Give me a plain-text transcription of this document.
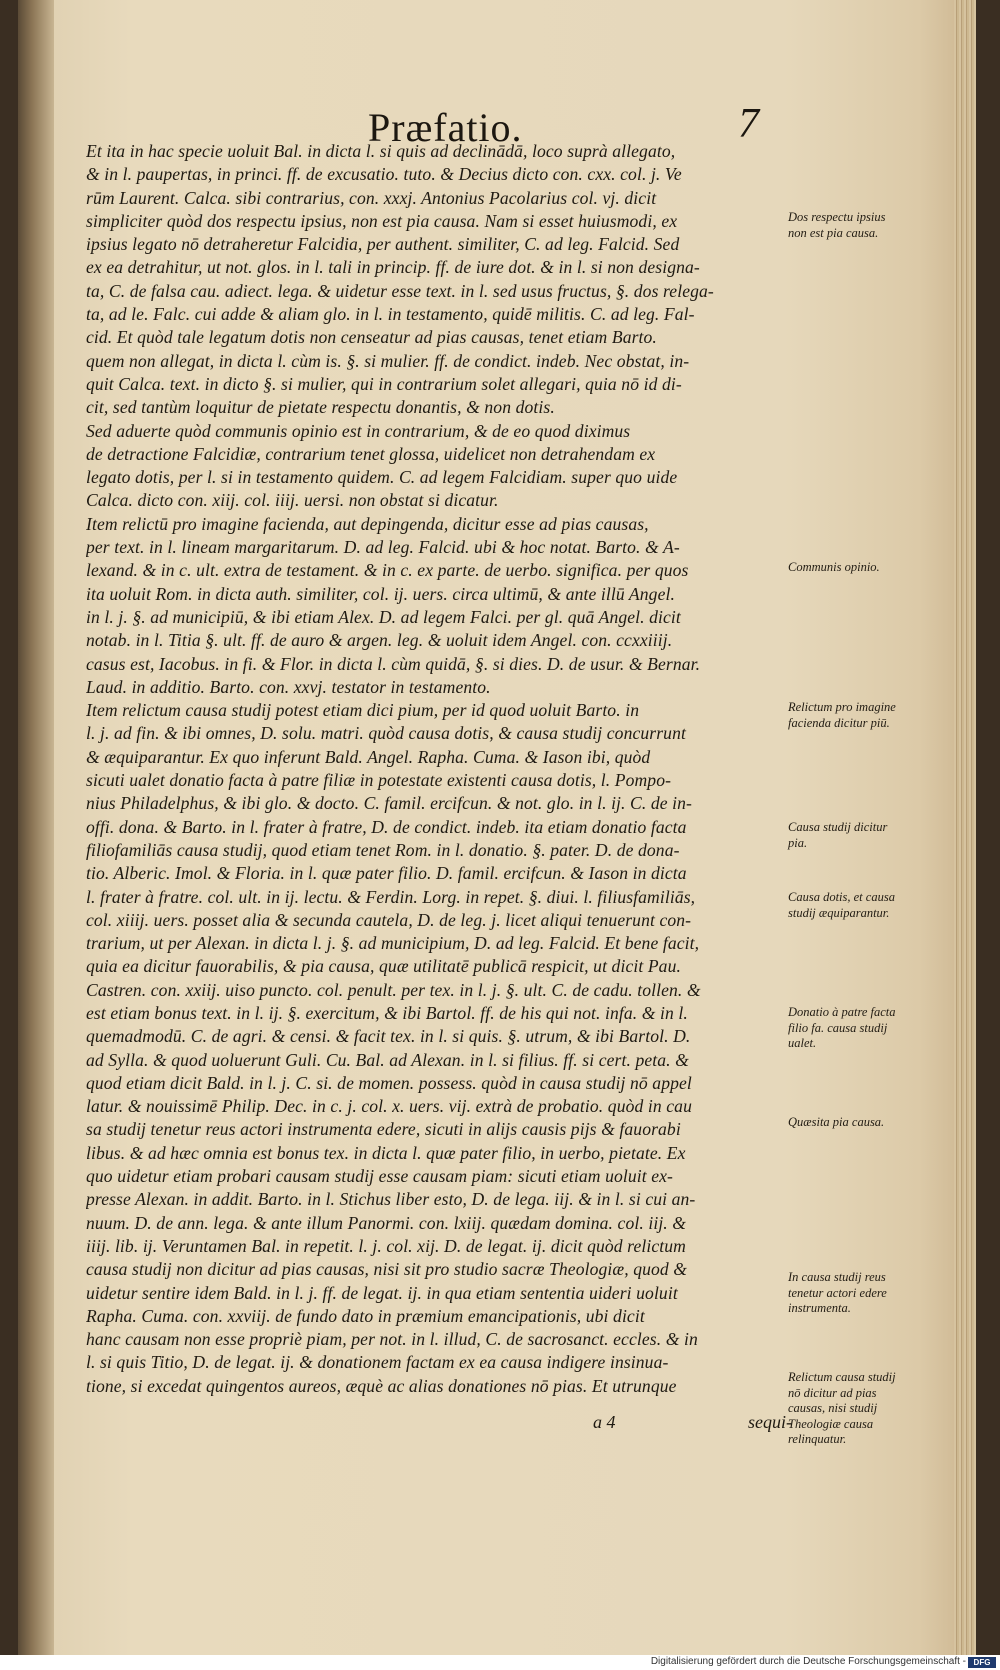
Præfatio.	7
Et ita in hac specie uoluit Bal. in dicta l. si quis ad declinādā, loco suprà allegato,
& in l. paupertas, in princi. ff. de excusatio. tuto. & Decius dicto con. cxx. col. j. Ve
rūm Laurent. Calca. sibi contrarius, con. xxxj. Antonius Pacolarius col. vj. dicit
simpliciter quòd dos respectu ipsius, non est pia causa. Nam si esset huiusmodi, ex
ipsius legato nō detraheretur Falcidia, per authent. similiter, C. ad leg. Falcid. Sed
ex ea detrahitur, ut not. glos. in l. tali in princip. ff. de iure dot. & in l. si non designa-
ta, C. de falsa cau. adiect. lega. & uidetur esse text. in l. sed usus fructus, §. dos relega-
ta, ad le. Falc. cui adde & aliam glo. in l. in testamento, quidē militis. C. ad leg. Fal-
cid. Et quòd tale legatum dotis non censeatur ad pias causas, tenet etiam Barto.
quem non allegat, in dicta l. cùm is. §. si mulier. ff. de condict. indeb. Nec obstat, in-
quit Calca. text. in dicto §. si mulier, qui in contrarium solet allegari, quia nō id di-
cit, sed tantùm loquitur de pietate respectu donantis, & non dotis.
Sed aduerte quòd communis opinio est in contrarium, & de eo quod diximus
de detractione Falcidiæ, contrarium tenet glossa, uidelicet non detrahendam ex
legato dotis, per l. si in testamento quidem. C. ad legem Falcidiam. super quo uide
Calca. dicto con. xiij. col. iiij. uersi. non obstat si dicatur.
Item relictū pro imagine facienda, aut depingenda, dicitur esse ad pias causas,
per text. in l. lineam margaritarum. D. ad leg. Falcid. ubi & hoc notat. Barto. & A-
lexand. & in c. ult. extra de testament. & in c. ex parte. de uerbo. significa. per quos
ita uoluit Rom. in dicta auth. similiter, col. ij. uers. circa ultimū, & ante illū Angel.
in l. j. §. ad municipiū, & ibi etiam Alex. D. ad legem Falci. per gl. quā Angel. dicit
notab. in l. Titia §. ult. ff. de auro & argen. leg. & uoluit idem Angel. con. ccxxiiij.
casus est, Iacobus. in fi. & Flor. in dicta l. cùm quidā, §. si dies. D. de usur. & Bernar.
Laud. in additio. Barto. con. xxvj. testator in testamento.
Item relictum causa studij potest etiam dici pium, per id quod uoluit Barto. in
l. j. ad fin. & ibi omnes, D. solu. matri. quòd causa dotis, & causa studij concurrunt
& æquiparantur. Ex quo inferunt Bald. Angel. Rapha. Cuma. & Iason ibi, quòd
sicuti ualet donatio facta à patre filiæ in potestate existenti causa dotis, l. Pompo-
nius Philadelphus, & ibi glo. & docto. C. famil. ercifcun. & not. glo. in l. ij. C. de in-
offi. dona. & Barto. in l. frater à fratre, D. de condict. indeb. ita etiam donatio facta
filiofamiliās causa studij, quod etiam tenet Rom. in l. donatio. §. pater. D. de dona-
tio. Alberic. Imol. & Floria. in l. quæ pater filio. D. famil. ercifcun. & Iason in dicta
l. frater à fratre. col. ult. in ij. lectu. & Ferdin. Lorg. in repet. §. diui. l. filiusfamiliās,
col. xiiij. uers. posset alia & secunda cautela, D. de leg. j. licet aliqui tenuerunt con-
trarium, ut per Alexan. in dicta l. j. §. ad municipium, D. ad leg. Falcid. Et bene facit,
quia ea dicitur fauorabilis, & pia causa, quæ utilitatē publicā respicit, ut dicit Pau.
Castren. con. xxiij. uiso puncto. col. penult. per tex. in l. j. §. ult. C. de cadu. tollen. &
est etiam bonus text. in l. ij. §. exercitum, & ibi Bartol. ff. de his qui not. infa. & in l.
quemadmodū. C. de agri. & censi. & facit tex. in l. si quis. §. utrum, & ibi Bartol. D.
ad Sylla. & quod uoluerunt Guli. Cu. Bal. ad Alexan. in l. si filius. ff. si cert. peta. &
quod etiam dicit Bald. in l. j. C. si. de momen. possess. quòd in causa studij nō appel
latur. & nouissimē Philip. Dec. in c. j. col. x. uers. vij. extrà de probatio. quòd in cau
sa studij tenetur reus actori instrumenta edere, sicuti in alijs causis pijs & fauorabi
libus. & ad hæc omnia est bonus tex. in dicta l. quæ pater filio, in uerbo, pietate. Ex
quo uidetur etiam probari causam studij esse causam piam: sicuti etiam uoluit ex-
presse Alexan. in addit. Barto. in l. Stichus liber esto, D. de lega. iij. & in l. si cui an-
nuum. D. de ann. lega. & ante illum Panormi. con. lxiij. quædam domina. col. iij. &
iiij. lib. ij. Veruntamen Bal. in repetit. l. j. col. xij. D. de legat. ij. dicit quòd relictum
causa studij non dicitur ad pias causas, nisi sit pro studio sacræ Theologiæ, quod &
uidetur sentire idem Bald. in l. j. ff. de legat. ij. in qua etiam sententia uideri uoluit
Rapha. Cuma. con. xxviij. de fundo dato in præmium emancipationis, ubi dicit
hanc causam non esse propriè piam, per not. in l. illud, C. de sacrosanct. eccles. & in
l. si quis Titio, D. de legat. ij. & donationem factam ex ea causa indigere insinua-
tione, si excedat quingentos aureos, æquè ac alias donationes nō pias. Et utrunque
Dos respectu ipsius non est pia causa.
Communis opinio.
Relictum pro imagine facienda dicitur piū.
Causa studij dicitur pia.
Causa dotis, et causa studij æquiparantur.
Donatio à patre facta filio fa. causa studij ualet.
Quæsita pia causa.
In causa studij reus tenetur actori edere instrumenta.
Relictum causa studij nō dicitur ad pias causas, nisi studij Theologiæ causa relinquatur.
a 4	sequi-
Digitalisierung gefördert durch die Deutsche Forschungsgemeinschaft - DFG
